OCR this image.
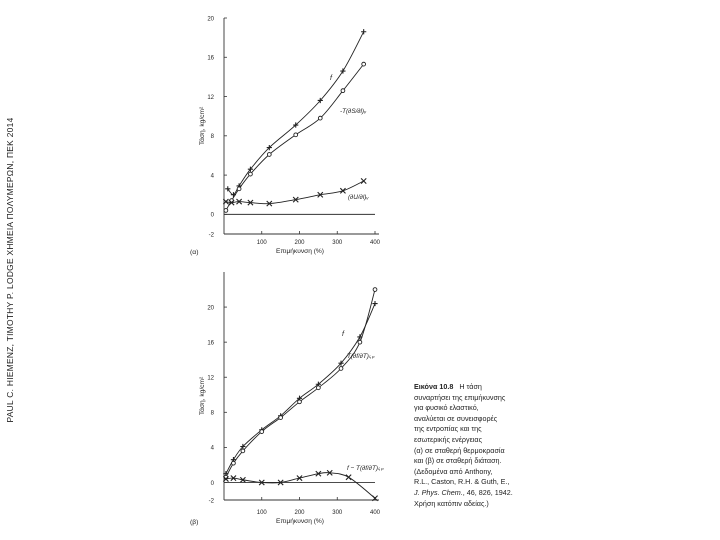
PAUL C. HIEMENZ, TIMOTHY P. LODGE ΧΗΜΕΙΑ ΠΟΛΥΜΕΡΩΝ, ΠΕΚ 2014	-2
0
4
8
12
16
20
100	200	300	400
Επιμήκυνση (%)
Τάση, kg/cm²
(α)
f
-T(∂S/∂l)ᵥ
(∂U/∂l)ᵥ
-2
0
4
8
12
16
20
100	200	300	400
Επιμήκυνση (%)
Τάση, kg/cm²
(β)
f
T(∂f/∂T)ₗ,ₚ
f − T(∂f/∂T)ₗ,ₚ
Εικόνα 10.8 Η τάση
συναρτήσει της επιμήκυνσης
για φυσικό ελαστικό,
αναλύεται σε συνεισφορές
της εντροπίας και της
εσωτερικής ενέργειας
(α) σε σταθερή θερμοκρασία
και (β) σε σταθερή διάταση.
(Δεδομένα από Anthony,
R.L., Caston, R.H. & Guth, E.,
J. Phys. Chem., 46, 826, 1942.
Χρήση κατόπιν αδείας.)
